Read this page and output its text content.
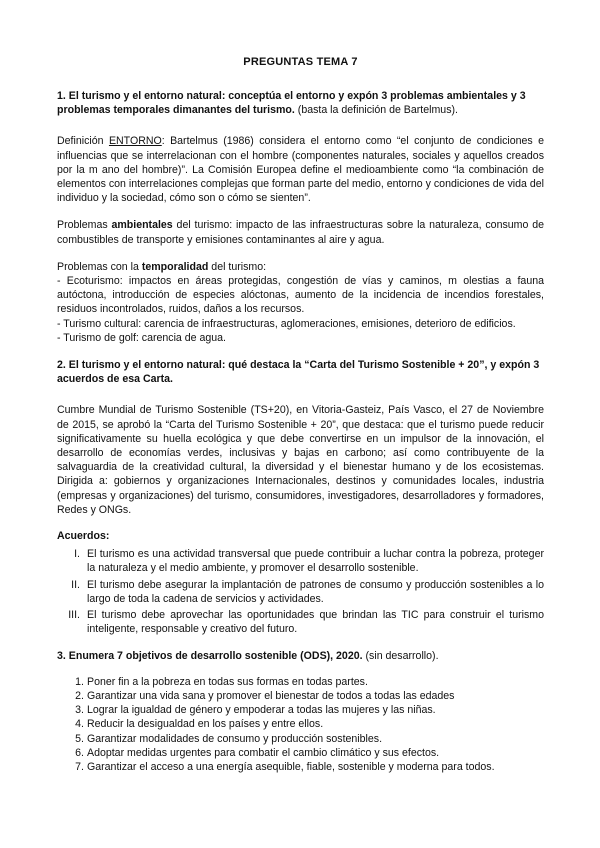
PREGUNTAS TEMA 7
1. El turismo y el entorno natural: conceptúa el entorno y expón 3 problemas ambientales y 3 problemas temporales dimanantes del turismo. (basta la definición de Bartelmus).

Definición ENTORNO: Bartelmus (1986) considera el entorno como “el conjunto de condiciones e influencias que se interrelacionan con el hombre (componentes naturales, sociales y aquellos creados por la m ano del hombre)”. La Comisión Europea define el medioambiente como “la combinación de elementos con interrelaciones complejas que forman parte del medio, entorno y condiciones de vida del individuo y la sociedad, cómo son o cómo se sienten”.

Problemas ambientales del turismo: impacto de las infraestructuras sobre la naturaleza, consumo de combustibles de transporte y emisiones contaminantes al aire y agua.

Problemas con la temporalidad del turismo:

- Ecoturismo: impactos en áreas protegidas, congestión de vías y caminos, m olestias a fauna autóctona, introducción de especies alóctonas, aumento de la incidencia de incendios forestales, residuos incontrolados, ruidos, daños a los recursos.

- Turismo cultural: carencia de infraestructuras, aglomeraciones, emisiones, deterioro de edificios.

- Turismo de golf: carencia de agua.

2. El turismo y el entorno natural: qué destaca la “Carta del Turismo Sostenible + 20”, y expón 3 acuerdos de esa Carta.

Cumbre Mundial de Turismo Sostenible (TS+20), en Vitoria-Gasteiz, País Vasco, el 27 de Noviembre de 2015, se aprobó la “Carta del Turismo Sostenible + 20”, que destaca: que el turismo puede reducir significativamente su huella ecológica y que debe convertirse en un impulsor de la innovación, el desarrollo de economías verdes, inclusivas y bajas en carbono; así como contribuyente de la salvaguardia de la creatividad cultural, la diversidad y el bienestar humano y de los ecosistemas. Dirigida a: gobiernos y organizaciones Internacionales, destinos y comunidades locales, industria (empresas y organizaciones) del turismo, consumidores, investigadores, desarrolladores y formadores, Redes y ONGs.

Acuerdos:

I. El turismo es una actividad transversal que puede contribuir a luchar contra la pobreza, proteger la naturaleza y el medio ambiente, y promover el desarrollo sostenible.
II. El turismo debe asegurar la implantación de patrones de consumo y producción sostenibles a lo largo de toda la cadena de servicios y actividades.
III. El turismo debe aprovechar las oportunidades que brindan las TIC para construir el turismo inteligente, responsable y creativo del futuro.
3. Enumera 7 objetivos de desarrollo sostenible (ODS), 2020. (sin desarrollo).
1. Poner fin a la pobreza en todas sus formas en todas partes.
2. Garantizar una vida sana y promover el bienestar de todos a todas las edades
3. Lograr la igualdad de género y empoderar a todas las mujeres y las niñas.
4. Reducir la desigualdad en los países y entre ellos.
5. Garantizar modalidades de consumo y producción sostenibles.
6. Adoptar medidas urgentes para combatir el cambio climático y sus efectos.
7. Garantizar el acceso a una energía asequible, fiable, sostenible y moderna para todos.
